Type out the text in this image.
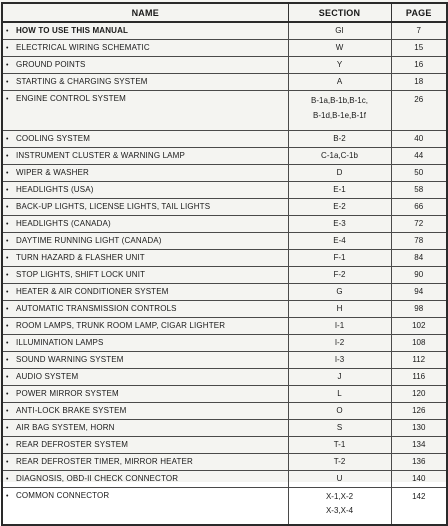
NAME	SECTION	PAGE
• HOW TO USE THIS MANUAL	GI	7
• ELECTRICAL WIRING SCHEMATIC	W	15
• GROUND POINTS	Y	16
• STARTING & CHARGING SYSTEM	A	18
• ENGINE CONTROL SYSTEM	B-1a,B-1b,B-1c,
B-1d,B-1e,B-1f	26
• COOLING SYSTEM	B-2	40
• INSTRUMENT CLUSTER & WARNING LAMP	C-1a,C-1b	44
• WIPER & WASHER	D	50
• HEADLIGHTS (USA)	E-1	58
• BACK-UP LIGHTS, LICENSE LIGHTS, TAIL LIGHTS	E-2	66
• HEADLIGHTS (CANADA)	E-3	72
• DAYTIME RUNNING LIGHT (CANADA)	E-4	78
• TURN HAZARD & FLASHER UNIT	F-1	84
• STOP LIGHTS, SHIFT LOCK UNIT	F-2	90
• HEATER & AIR CONDITIONER SYSTEM	G	94
• AUTOMATIC TRANSMISSION CONTROLS	H	98
• ROOM LAMPS, TRUNK ROOM LAMP, CIGAR LIGHTER	I-1	102
• ILLUMINATION LAMPS	I-2	108
• SOUND WARNING SYSTEM	I-3	112
• AUDIO SYSTEM	J	116
• POWER MIRROR SYSTEM	L	120
• ANTI-LOCK BRAKE SYSTEM	O	126
• AIR BAG SYSTEM, HORN	S	130
• REAR DEFROSTER SYSTEM	T-1	134
• REAR DEFROSTER TIMER, MIRROR HEATER	T-2	136
• DIAGNOSIS, OBD-II CHECK CONNECTOR	U	140
• COMMON CONNECTOR	X-1,X-2
X-3,X-4	142
